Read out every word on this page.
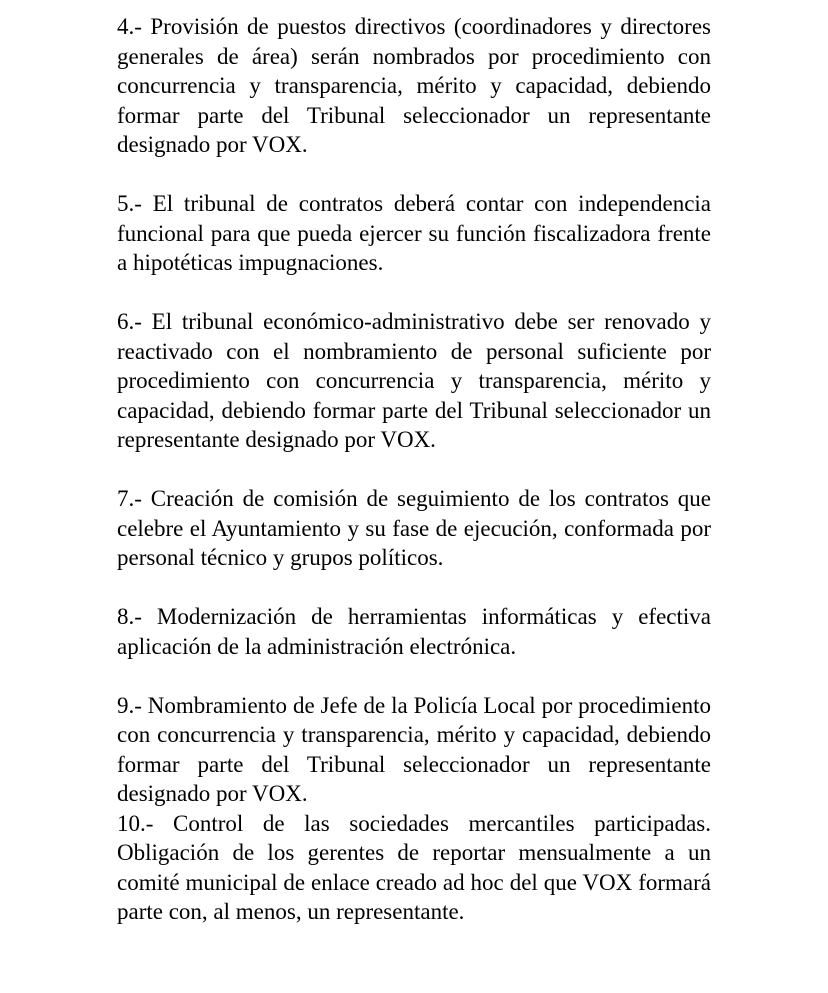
4.- Provisión de puestos directivos (coordinadores y directores generales de área) serán nombrados por procedimiento con concurrencia y transparencia, mérito y capacidad, debiendo formar parte del Tribunal seleccionador un representante designado por VOX.

5.- El tribunal de contratos deberá contar con independencia funcional para que pueda ejercer su función fiscalizadora frente a hipotéticas impugnaciones.

6.- El tribunal económico-administrativo debe ser renovado y reactivado con el nombramiento de personal suficiente por procedimiento con concurrencia y transparencia, mérito y capacidad, debiendo formar parte del Tribunal seleccionador un representante designado por VOX.

7.- Creación de comisión de seguimiento de los contratos que celebre el Ayuntamiento y su fase de ejecución, conformada por personal técnico y grupos políticos.

8.- Modernización de herramientas informáticas y efectiva aplicación de la administración electrónica.

9.- Nombramiento de Jefe de la Policía Local por procedimiento con concurrencia y transparencia, mérito y capacidad, debiendo formar parte del Tribunal seleccionador un representante designado por VOX.

10.- Control de las sociedades mercantiles participadas. Obligación de los gerentes de reportar mensualmente a un comité municipal de enlace creado ad hoc del que VOX formará parte con, al menos, un representante.
